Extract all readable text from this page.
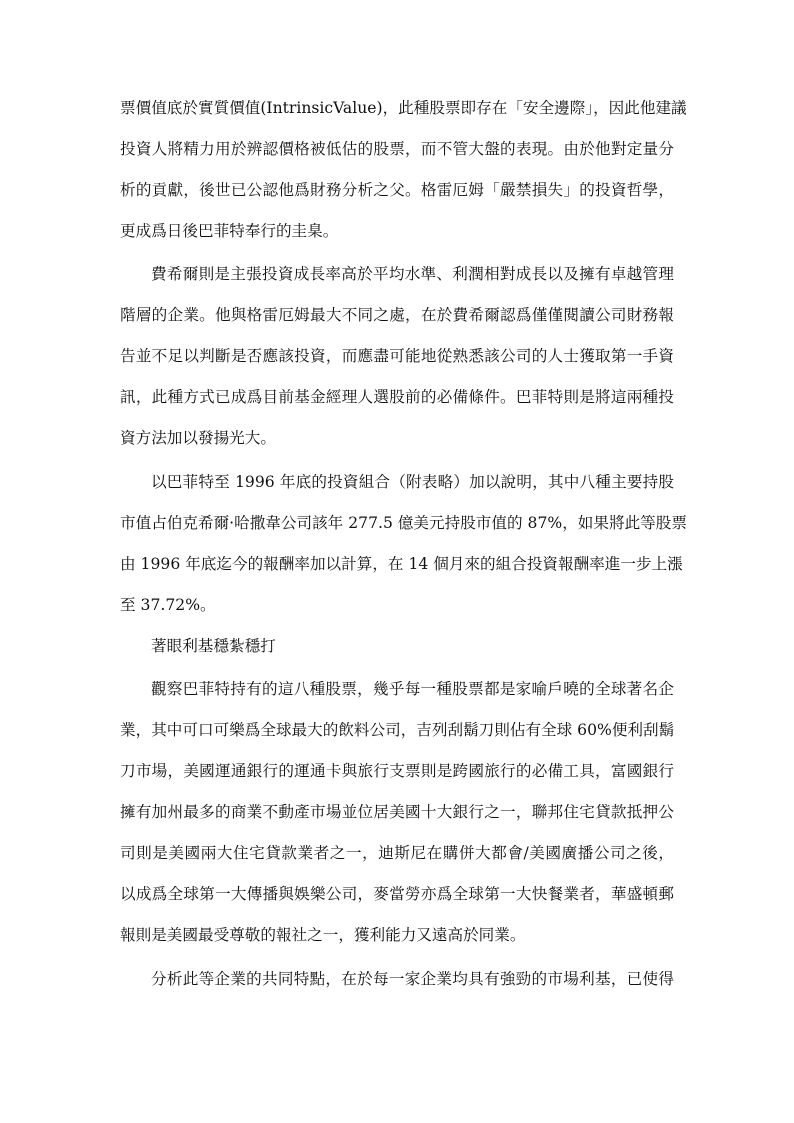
票價值底於實質價值(IntrinsicValue)，此種股票即存在「安全邊際」，因此他建議
投資人將精力用於辨認價格被低估的股票，而不管大盤的表現。由於他對定量分
析的貢獻，後世已公認他爲財務分析之父。格雷厄姆「嚴禁損失」的投資哲學，
更成爲日後巴菲特奉行的圭臬。
費希爾則是主張投資成長率高於平均水準、利潤相對成長以及擁有卓越管理
階層的企業。他與格雷厄姆最大不同之處，在於費希爾認爲僅僅閱讀公司財務報
告並不足以判斷是否應該投資，而應盡可能地從熟悉該公司的人士獲取第一手資
訊，此種方式已成爲目前基金經理人選股前的必備條件。巴菲特則是將這兩種投
資方法加以發揚光大。
以巴菲特至 1996 年底的投資組合（附表略）加以說明，其中八種主要持股
市值占伯克希爾·哈撒韋公司該年 277.5 億美元持股市值的 87%，如果將此等股票
由 1996 年底迄今的報酬率加以計算，在 14 個月來的組合投資報酬率進一步上漲
至 37.72%。
著眼利基穩紮穩打
觀察巴菲特持有的這八種股票，幾乎每一種股票都是家喻戶曉的全球著名企
業，其中可口可樂爲全球最大的飲料公司，吉列刮鬍刀則佔有全球 60%便利刮鬍
刀市場，美國運通銀行的運通卡與旅行支票則是跨國旅行的必備工具，富國銀行
擁有加州最多的商業不動產市場並位居美國十大銀行之一，聯邦住宅貸款抵押公
司則是美國兩大住宅貸款業者之一，迪斯尼在購併大都會/美國廣播公司之後，
以成爲全球第一大傳播與娛樂公司，麥當勞亦爲全球第一大快餐業者，華盛頓郵
報則是美國最受尊敬的報社之一，獲利能力又遠高於同業。
分析此等企業的共同特點，在於每一家企業均具有強勁的市場利基，已使得
